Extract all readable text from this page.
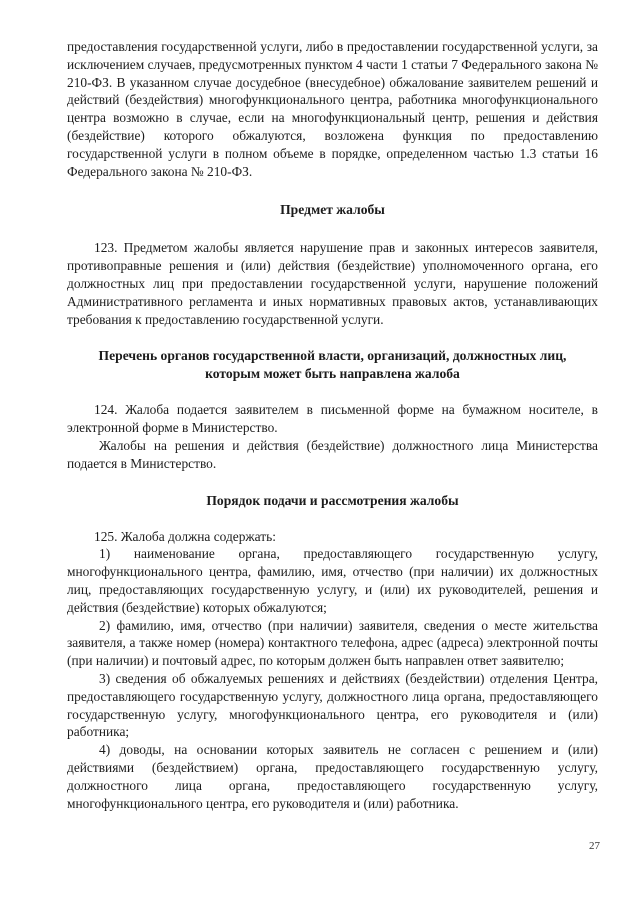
предоставления государственной услуги, либо в предоставлении государственной услуги, за исключением случаев, предусмотренных пунктом 4 части 1 статьи 7 Федерального закона № 210-ФЗ. В указанном случае досудебное (внесудебное) обжалование заявителем решений и действий (бездействия) многофункционального центра, работника многофункционального центра возможно в случае, если на многофункциональный центр, решения и действия (бездействие) которого обжалуются, возложена функция по предоставлению государственной услуги в полном объеме в порядке, определенном частью 1.3 статьи 16 Федерального закона № 210-ФЗ.

Предмет жалобы

123. Предметом жалобы является нарушение прав и законных интересов заявителя, противоправные решения и (или) действия (бездействие) уполномоченного органа, его должностных лиц при предоставлении государственной услуги, нарушение положений Административного регламента и иных нормативных правовых актов, устанавливающих требования к предоставлению государственной услуги.

Перечень органов государственной власти, организаций, должностных лиц,
которым может быть направлена жалоба

124. Жалоба подается заявителем в письменной форме на бумажном носителе, в электронной форме в Министерство.

Жалобы на решения и действия (бездействие) должностного лица Министерства подается в Министерство.

Порядок подачи и рассмотрения жалобы

125. Жалоба должна содержать:

1) наименование органа, предоставляющего государственную услугу, многофункционального центра, фамилию, имя, отчество (при наличии) их должностных лиц, предоставляющих государственную услугу, и (или) их руководителей, решения и действия (бездействие) которых обжалуются;

2) фамилию, имя, отчество (при наличии) заявителя, сведения о месте жительства заявителя, а также номер (номера) контактного телефона, адрес (адреса) электронной почты (при наличии) и почтовый адрес, по которым должен быть направлен ответ заявителю;

3) сведения об обжалуемых решениях и действиях (бездействии) отделения Центра, предоставляющего государственную услугу, должностного лица органа, предоставляющего государственную услугу, многофункционального центра, его руководителя и (или) работника;

4) доводы, на основании которых заявитель не согласен с решением и (или) действиями (бездействием) органа, предоставляющего государственную услугу, должностного лица органа, предоставляющего государственную услугу, многофункционального центра, его руководителя и (или) работника.

27
